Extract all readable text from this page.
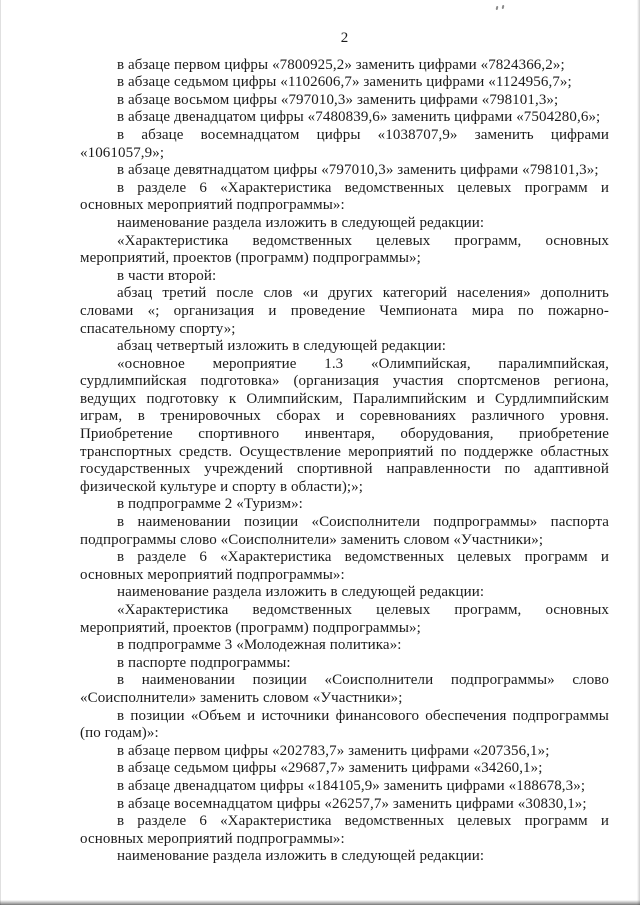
2

в абзаце первом цифры «7800925,2» заменить цифрами «7824366,2»;

в абзаце седьмом цифры «1102606,7» заменить цифрами «1124956,7»;

в абзаце восьмом цифры «797010,3» заменить цифрами «798101,3»;

в абзаце двенадцатом цифры «7480839,6» заменить цифрами «7504280,6»;

в абзаце восемнадцатом цифры «1038707,9» заменить цифрами «1061057,9»;

в абзаце девятнадцатом цифры «797010,3» заменить цифрами «798101,3»;

в разделе 6 «Характеристика ведомственных целевых программ и основных мероприятий подпрограммы»:

наименование раздела изложить в следующей редакции:

«Характеристика ведомственных целевых программ, основных мероприятий, проектов (программ) подпрограммы»;

в части второй:

абзац третий после слов «и других категорий населения» дополнить словами «; организация и проведение Чемпионата мира по пожарно-спасательному спорту»;

абзац четвертый изложить в следующей редакции:

«основное мероприятие 1.3 «Олимпийская, паралимпийская, сурдлимпийская подготовка» (организация участия спортсменов региона, ведущих подготовку к Олимпийским, Паралимпийским и Сурдлимпийским играм, в тренировочных сборах и соревнованиях различного уровня. Приобретение спортивного инвентаря, оборудования, приобретение транспортных средств. Осуществление мероприятий по поддержке областных государственных учреждений спортивной направленности по адаптивной физической культуре и спорту в области);»;

в подпрограмме 2 «Туризм»:

в наименовании позиции «Соисполнители подпрограммы» паспорта подпрограммы слово «Соисполнители» заменить словом «Участники»;

в разделе 6 «Характеристика ведомственных целевых программ и основных мероприятий подпрограммы»:

наименование раздела изложить в следующей редакции:

«Характеристика ведомственных целевых программ, основных мероприятий, проектов (программ) подпрограммы»;

в подпрограмме 3 «Молодежная политика»:

в паспорте подпрограммы:

в наименовании позиции «Соисполнители подпрограммы» слово «Соисполнители» заменить словом «Участники»;

в позиции «Объем и источники финансового обеспечения подпрограммы (по годам)»:

в абзаце первом цифры «202783,7» заменить цифрами «207356,1»;

в абзаце седьмом цифры «29687,7» заменить цифрами «34260,1»;

в абзаце двенадцатом цифры «184105,9» заменить цифрами «188678,3»;

в абзаце восемнадцатом цифры «26257,7» заменить цифрами «30830,1»;

в разделе 6 «Характеристика ведомственных целевых программ и основных мероприятий подпрограммы»:

наименование раздела изложить в следующей редакции:
